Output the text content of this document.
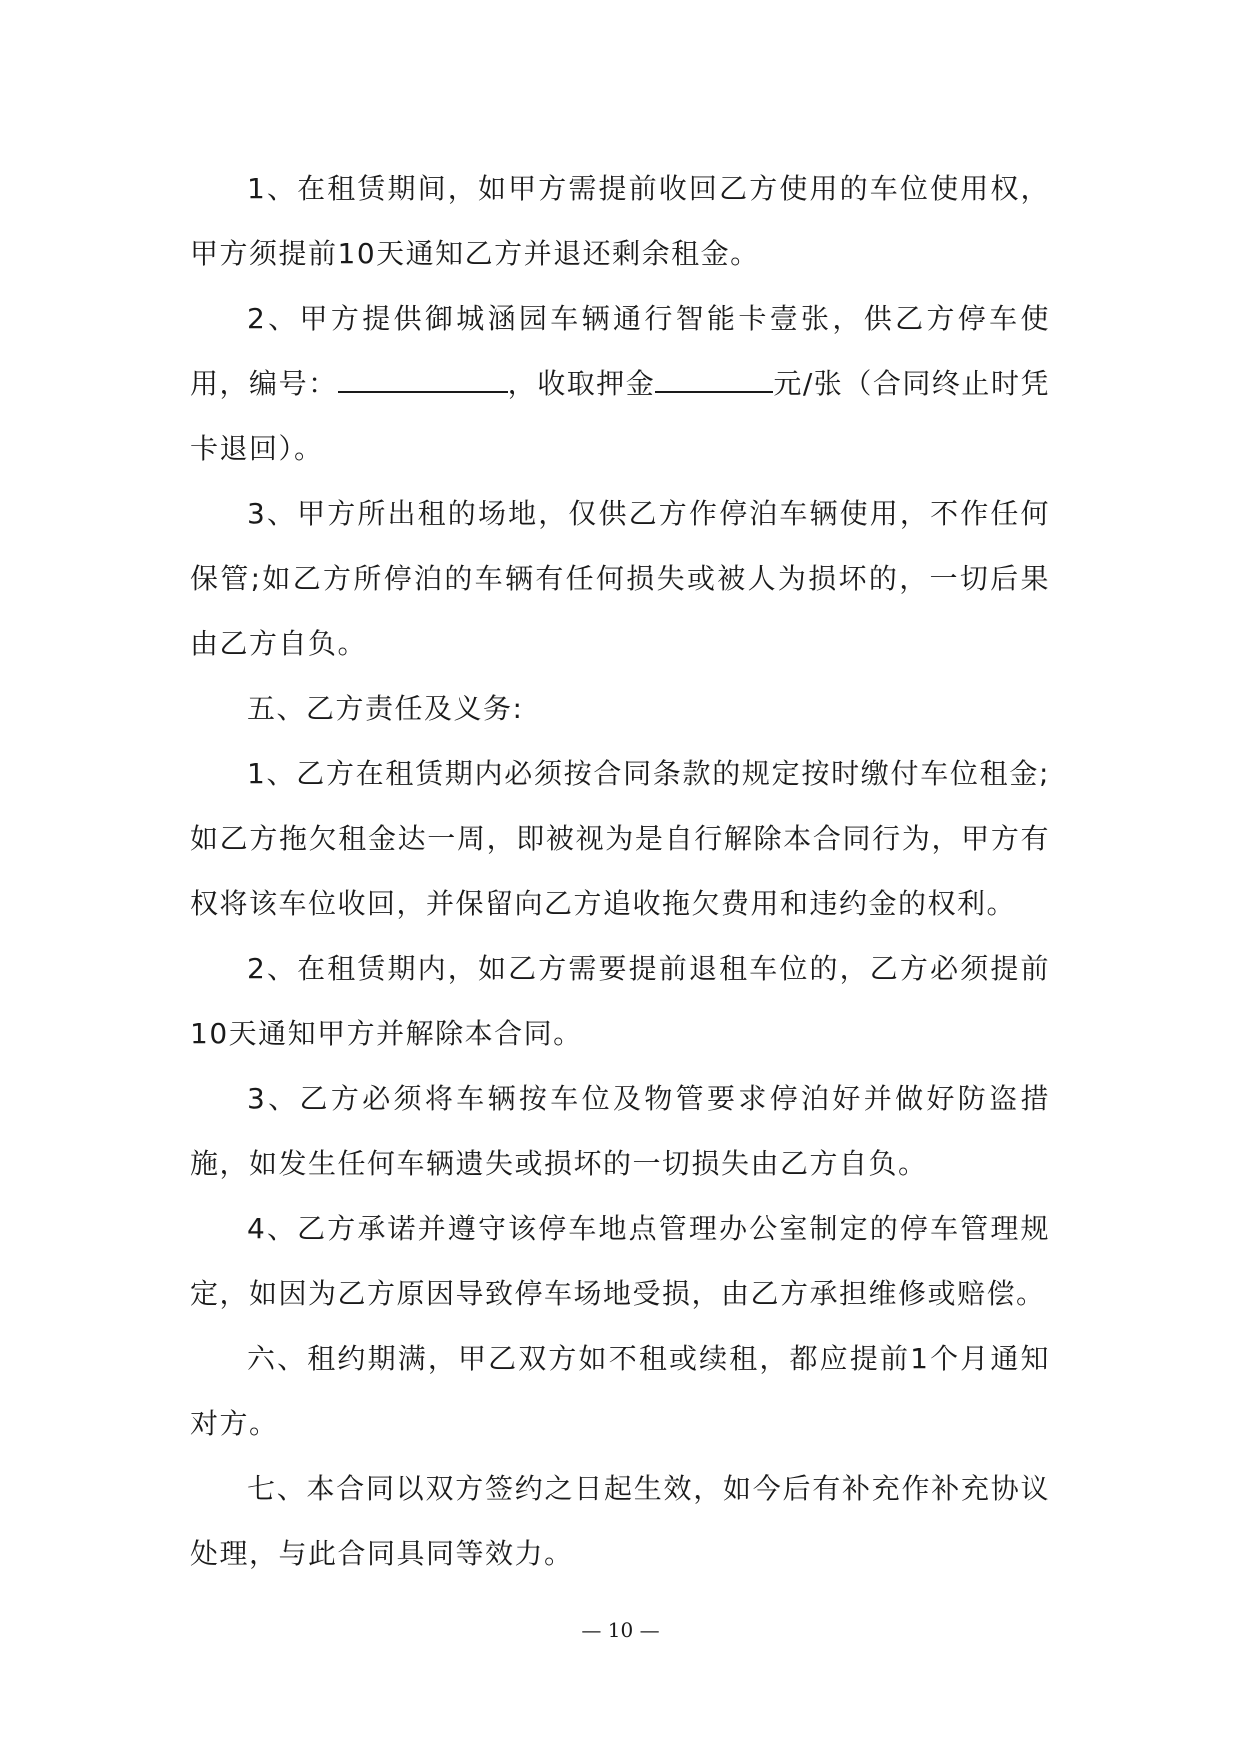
1、在租赁期间，如甲方需提前收回乙方使用的车位使用权，甲方须提前10天通知乙方并退还剩余租金。

2、甲方提供御城涵园车辆通行智能卡壹张，供乙方停车使用，编号：	，收取押金	元/张（合同终止时凭卡退回）。

3、甲方所出租的场地，仅供乙方作停泊车辆使用，不作任何保管;如乙方所停泊的车辆有任何损失或被人为损坏的，一切后果由乙方自负。

五、乙方责任及义务:

1、乙方在租赁期内必须按合同条款的规定按时缴付车位租金;如乙方拖欠租金达一周，即被视为是自行解除本合同行为，甲方有权将该车位收回，并保留向乙方追收拖欠费用和违约金的权利。

2、在租赁期内，如乙方需要提前退租车位的，乙方必须提前10天通知甲方并解除本合同。

3、乙方必须将车辆按车位及物管要求停泊好并做好防盗措施，如发生任何车辆遗失或损坏的一切损失由乙方自负。

4、乙方承诺并遵守该停车地点管理办公室制定的停车管理规定，如因为乙方原因导致停车场地受损，由乙方承担维修或赔偿。

六、租约期满，甲乙双方如不租或续租，都应提前1个月通知对方。

七、本合同以双方签约之日起生效，如今后有补充作补充协议处理，与此合同具同等效力。

— 10 —
